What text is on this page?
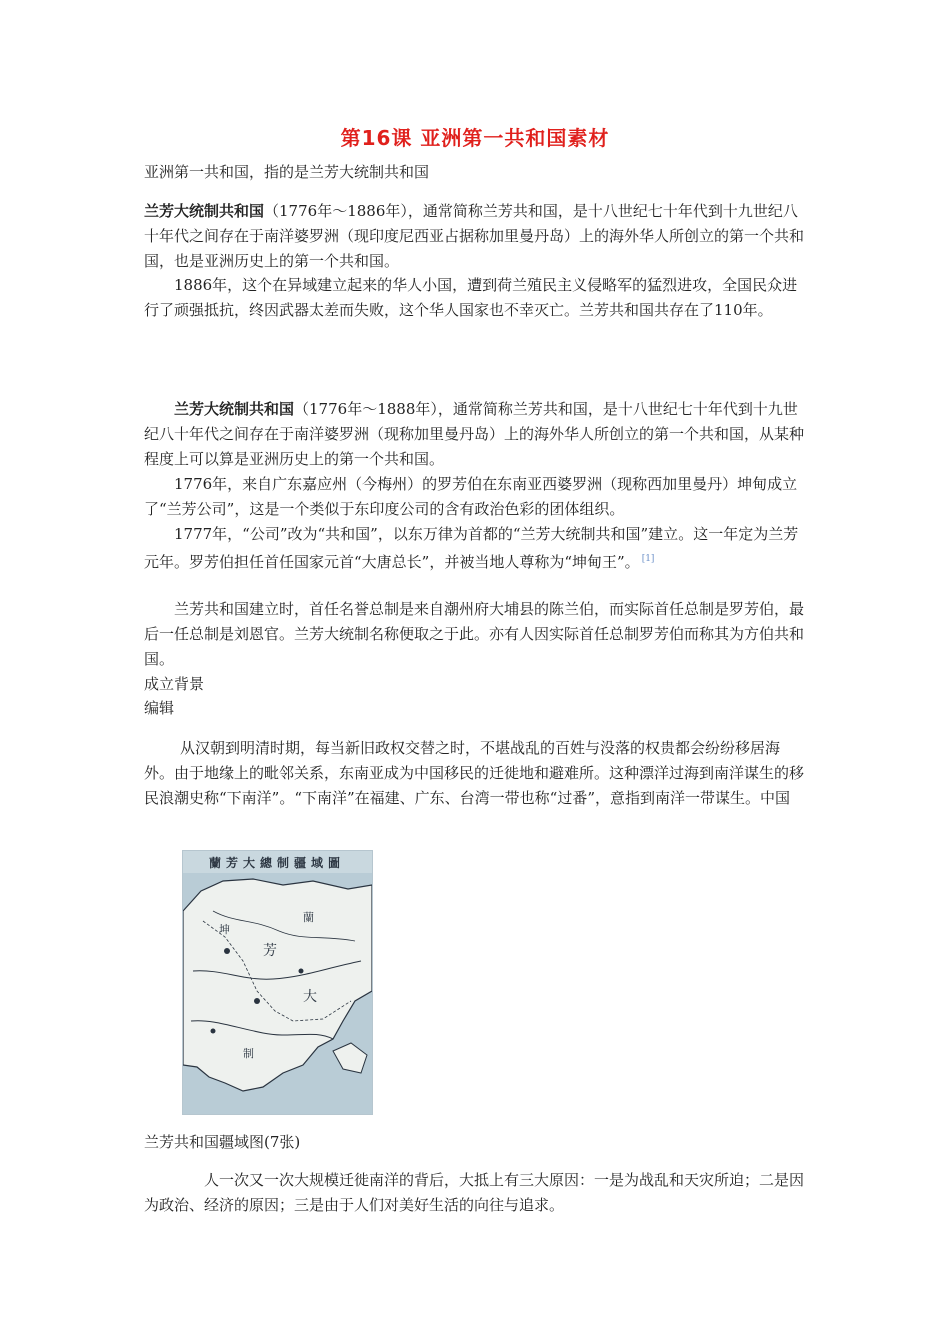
第16课 亚洲第一共和国素材
亚洲第一共和国，指的是兰芳大统制共和国
兰芳大统制共和国（1776年～1886年），通常简称兰芳共和国，是十八世纪七十年代到十九世纪八十年代之间存在于南洋婆罗洲（现印度尼西亚占据称加里曼丹岛）上的海外华人所创立的第一个共和国，也是亚洲历史上的第一个共和国。
1886年，这个在异域建立起来的华人小国，遭到荷兰殖民主义侵略军的猛烈进攻，全国民众进行了顽强抵抗，终因武器太差而失败，这个华人国家也不幸灭亡。兰芳共和国共存在了110年。
兰芳大统制共和国（1776年～1888年），通常简称兰芳共和国，是十八世纪七十年代到十九世纪八十年代之间存在于南洋婆罗洲（现称加里曼丹岛）上的海外华人所创立的第一个共和国，从某种程度上可以算是亚洲历史上的第一个共和国。
1776年，来自广东嘉应州（今梅州）的罗芳伯在东南亚西婆罗洲（现称西加里曼丹）坤甸成立了“兰芳公司”，这是一个类似于东印度公司的含有政治色彩的团体组织。
1777年，“公司”改为“共和国”，以东万律为首都的“兰芳大统制共和国”建立。这一年定为兰芳元年。罗芳伯担任首任国家元首“大唐总长”，并被当地人尊称为“坤甸王”。 [1]
兰芳共和国建立时，首任名誉总制是来自潮州府大埔县的陈兰伯，而实际首任总制是罗芳伯，最后一任总制是刘恩官。兰芳大统制名称便取之于此。亦有人因实际首任总制罗芳伯而称其为方伯共和国。
成立背景
编辑
从汉朝到明清时期，每当新旧政权交替之时，不堪战乱的百姓与没落的权贵都会纷纷移居海外。由于地缘上的毗邻关系，东南亚成为中国移民的迁徙地和避难所。这种漂洋过海到南洋谋生的移民浪潮史称“下南洋”。“下南洋”在福建、广东、台湾一带也称“过番”，意指到南洋一带谋生。中国
蘭芳大總制疆域圖
坤
芳
蘭
大
制
兰芳共和国疆域图(7张)
人一次又一次大规模迁徙南洋的背后，大抵上有三大原因：一是为战乱和天灾所迫；二是因为政治、经济的原因；三是由于人们对美好生活的向往与追求。
